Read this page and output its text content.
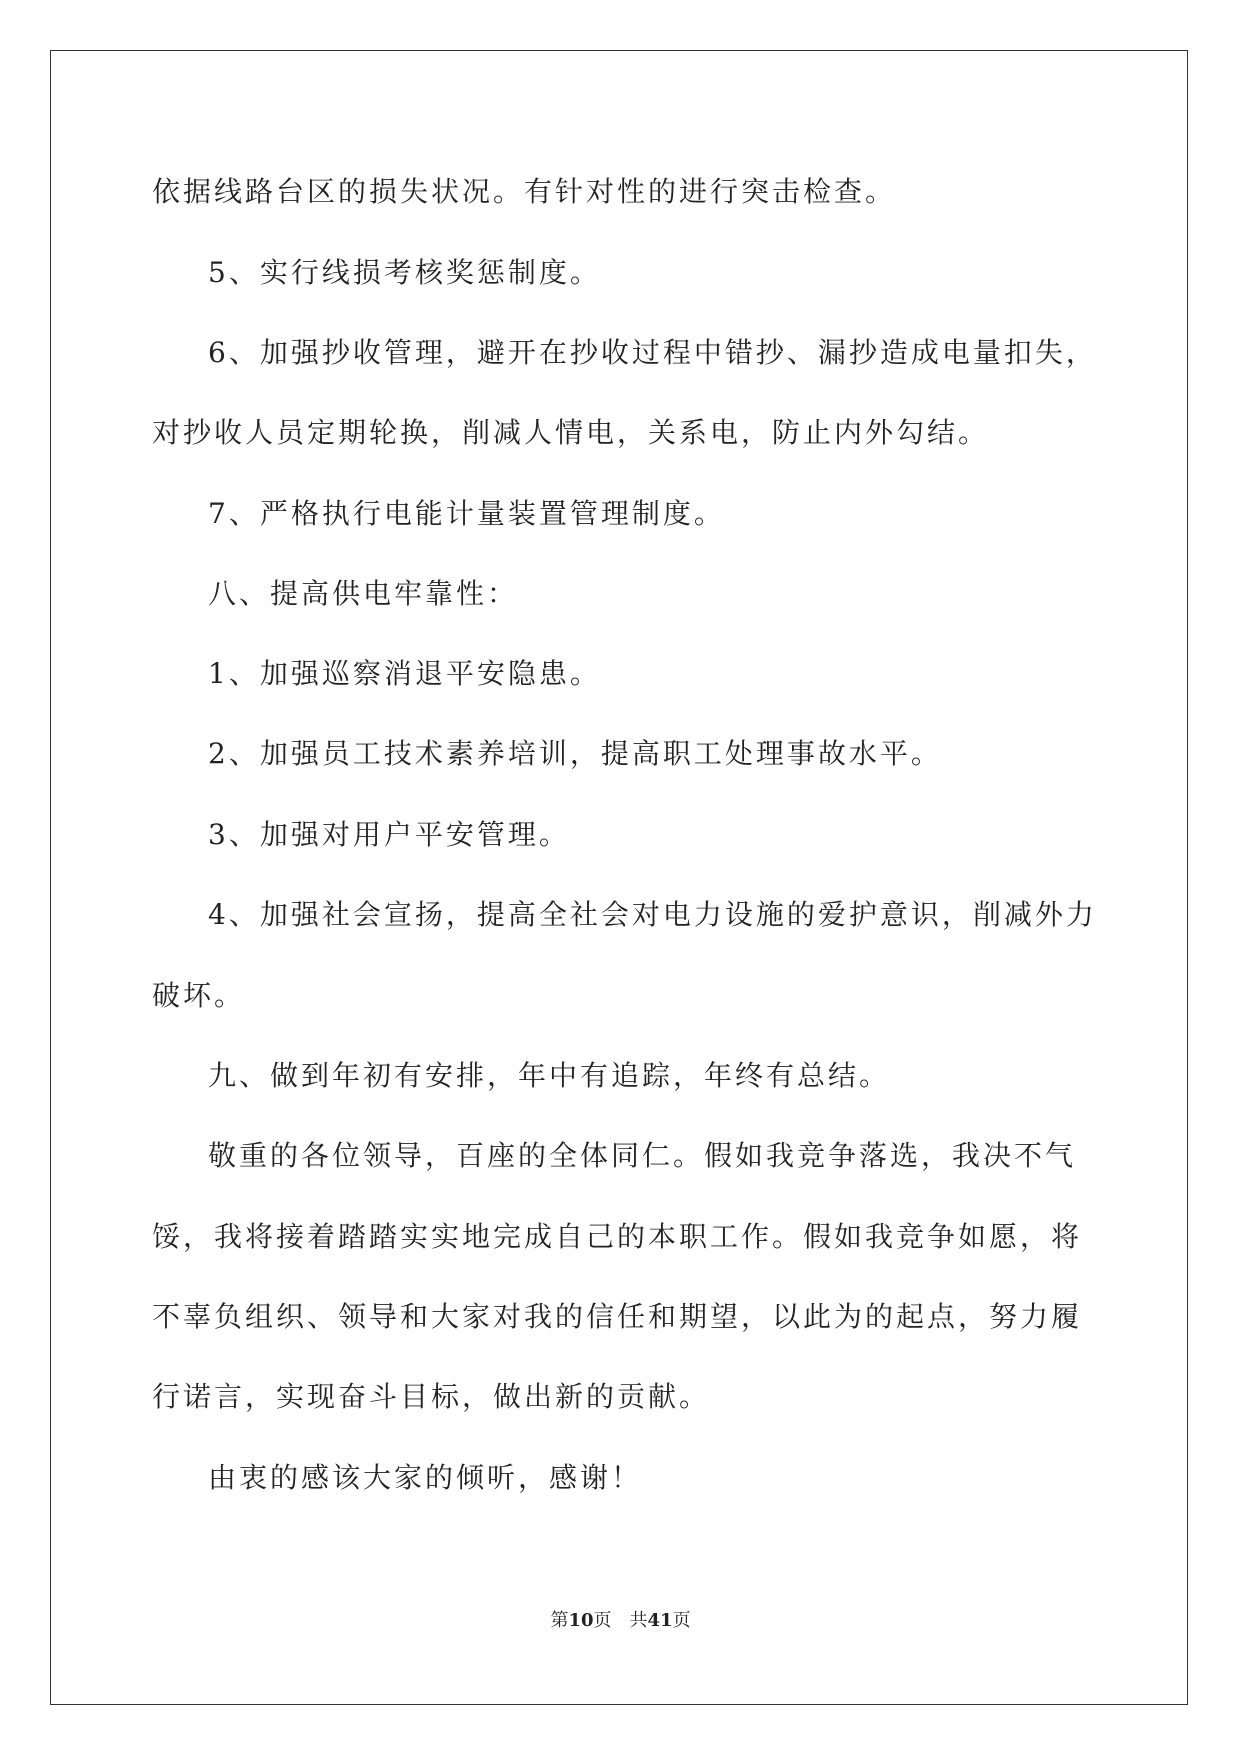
依据线路台区的损失状况。有针对性的进行突击检查。
5、实行线损考核奖惩制度。
6、加强抄收管理，避开在抄收过程中错抄、漏抄造成电量扣失，
对抄收人员定期轮换，削减人情电，关系电，防止内外勾结。
7、严格执行电能计量装置管理制度。
八、提高供电牢靠性：
1、加强巡察消退平安隐患。
2、加强员工技术素养培训，提高职工处理事故水平。
3、加强对用户平安管理。
4、加强社会宣扬，提高全社会对电力设施的爱护意识，削减外力
破坏。
九、做到年初有安排，年中有追踪，年终有总结。
敬重的各位领导，百座的全体同仁。假如我竞争落选，我决不气
馁，我将接着踏踏实实地完成自己的本职工作。假如我竞争如愿，将
不辜负组织、领导和大家对我的信任和期望，以此为的起点，努力履
行诺言，实现奋斗目标，做出新的贡献。
由衷的感该大家的倾听，感谢！
第10页 共41页
